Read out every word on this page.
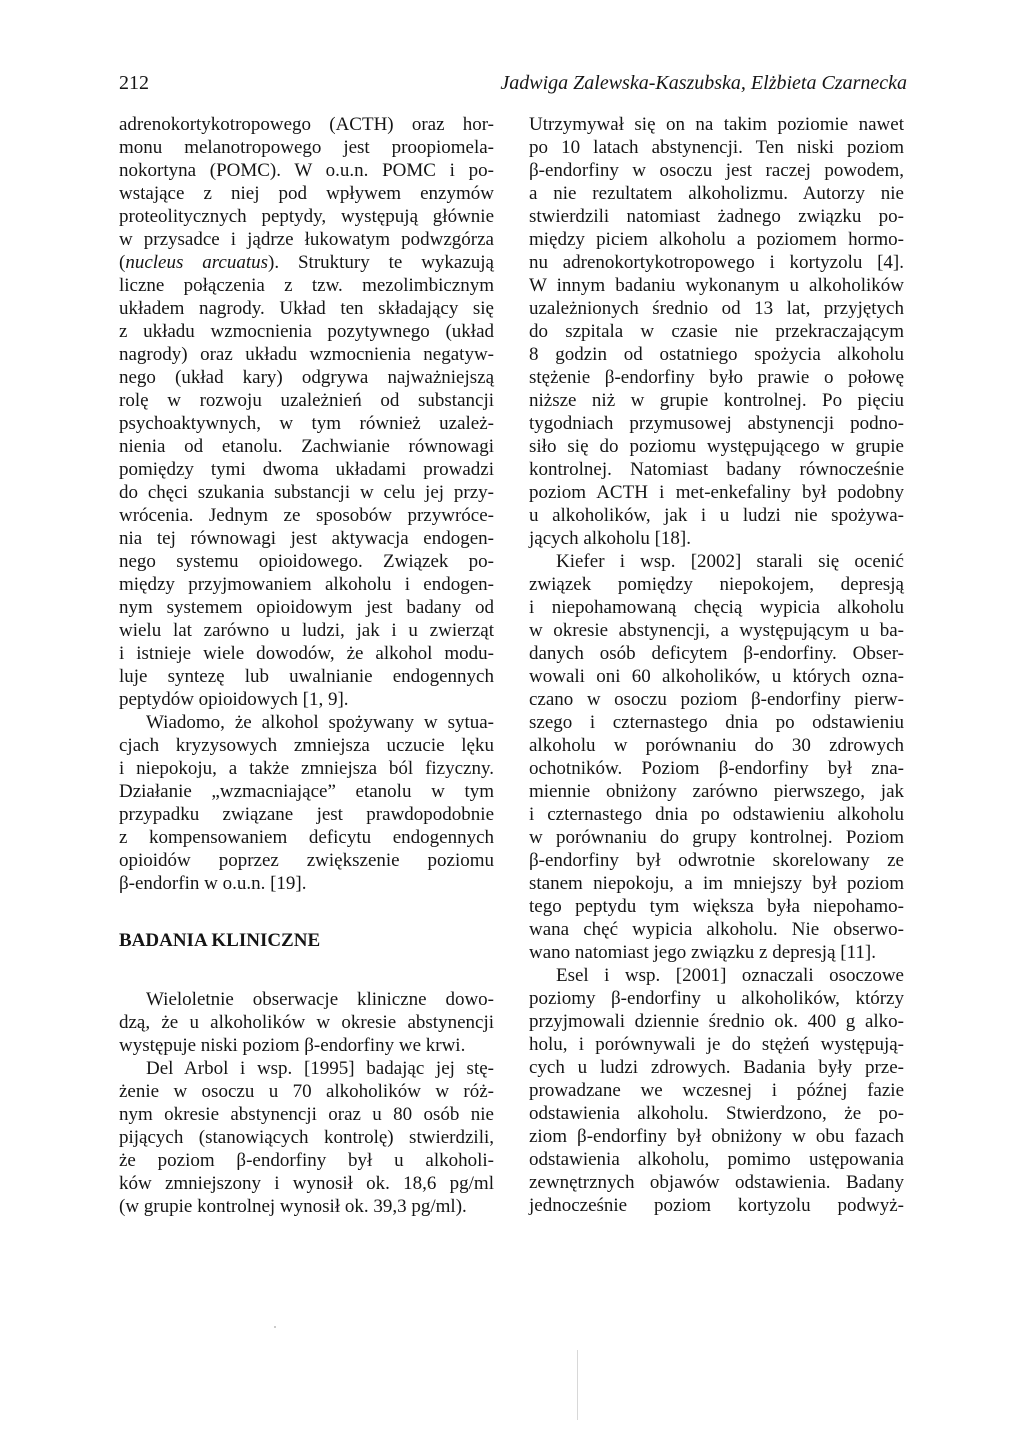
212	Jadwiga Zalewska-Kaszubska, Elżbieta Czarnecka
adrenokortykotropowego (ACTH) oraz hor-
monu melanotropowego jest proopiomela-
nokortyna (POMC). W o.u.n. POMC i po-
wstające z niej pod wpływem enzymów
proteolitycznych peptydy, występują głównie
w przysadce i jądrze łukowatym podwzgórza
(nucleus arcuatus). Struktury te wykazują
liczne połączenia z tzw. mezolimbicznym
układem nagrody. Układ ten składający się
z układu wzmocnienia pozytywnego (układ
nagrody) oraz układu wzmocnienia negatyw-
nego (układ kary) odgrywa najważniejszą
rolę w rozwoju uzależnień od substancji
psychoaktywnych, w tym również uzależ-
nienia od etanolu. Zachwianie równowagi
pomiędzy tymi dwoma układami prowadzi
do chęci szukania substancji w celu jej przy-
wrócenia. Jednym ze sposobów przywróce-
nia tej równowagi jest aktywacja endogen-
nego systemu opioidowego. Związek po-
między przyjmowaniem alkoholu i endogen-
nym systemem opioidowym jest badany od
wielu lat zarówno u ludzi, jak i u zwierząt
i istnieje wiele dowodów, że alkohol modu-
luje syntezę lub uwalnianie endogennych
peptydów opioidowych [1, 9].
Wiadomo, że alkohol spożywany w sytua-
cjach kryzysowych zmniejsza uczucie lęku
i niepokoju, a także zmniejsza ból fizyczny.
Działanie „wzmacniające” etanolu w tym
przypadku związane jest prawdopodobnie
z kompensowaniem deficytu endogennych
opioidów poprzez zwiększenie poziomu
β-endorfin w o.u.n. [19].
BADANIA KLINICZNE
Wieloletnie obserwacje kliniczne dowo-
dzą, że u alkoholików w okresie abstynencji
występuje niski poziom β-endorfiny we krwi.
Del Arbol i wsp. [1995] badając jej stę-
żenie w osoczu u 70 alkoholików w róż-
nym okresie abstynencji oraz u 80 osób nie
pijących (stanowiących kontrolę) stwierdzili,
że poziom β-endorfiny był u alkoholi-
ków zmniejszony i wynosił ok. 18,6 pg/ml
(w grupie kontrolnej wynosił ok. 39,3 pg/ml).
Utrzymywał się on na takim poziomie nawet
po 10 latach abstynencji. Ten niski poziom
β-endorfiny w osoczu jest raczej powodem,
a nie rezultatem alkoholizmu. Autorzy nie
stwierdzili natomiast żadnego związku po-
między piciem alkoholu a poziomem hormo-
nu adrenokortykotropowego i kortyzolu [4].
W innym badaniu wykonanym u alkoholików
uzależnionych średnio od 13 lat, przyjętych
do szpitala w czasie nie przekraczającym
8 godzin od ostatniego spożycia alkoholu
stężenie β-endorfiny było prawie o połowę
niższe niż w grupie kontrolnej. Po pięciu
tygodniach przymusowej abstynencji podno-
siło się do poziomu występującego w grupie
kontrolnej. Natomiast badany równocześnie
poziom ACTH i met-enkefaliny był podobny
u alkoholików, jak i u ludzi nie spożywa-
jących alkoholu [18].
Kiefer i wsp. [2002] starali się ocenić
związek pomiędzy niepokojem, depresją
i niepohamowaną chęcią wypicia alkoholu
w okresie abstynencji, a występującym u ba-
danych osób deficytem β-endorfiny. Obser-
wowali oni 60 alkoholików, u których ozna-
czano w osoczu poziom β-endorfiny pierw-
szego i czternastego dnia po odstawieniu
alkoholu w porównaniu do 30 zdrowych
ochotników. Poziom β-endorfiny był zna-
miennie obniżony zarówno pierwszego, jak
i czternastego dnia po odstawieniu alkoholu
w porównaniu do grupy kontrolnej. Poziom
β-endorfiny był odwrotnie skorelowany ze
stanem niepokoju, a im mniejszy był poziom
tego peptydu tym większa była niepohamo-
wana chęć wypicia alkoholu. Nie obserwo-
wano natomiast jego związku z depresją [11].
Esel i wsp. [2001] oznaczali osoczowe
poziomy β-endorfiny u alkoholików, którzy
przyjmowali dziennie średnio ok. 400 g alko-
holu, i porównywali je do stężeń występują-
cych u ludzi zdrowych. Badania były prze-
prowadzane we wczesnej i późnej fazie
odstawienia alkoholu. Stwierdzono, że po-
ziom β-endorfiny był obniżony w obu fazach
odstawienia alkoholu, pomimo ustępowania
zewnętrznych objawów odstawienia. Badany
jednocześnie poziom kortyzolu podwyż-
